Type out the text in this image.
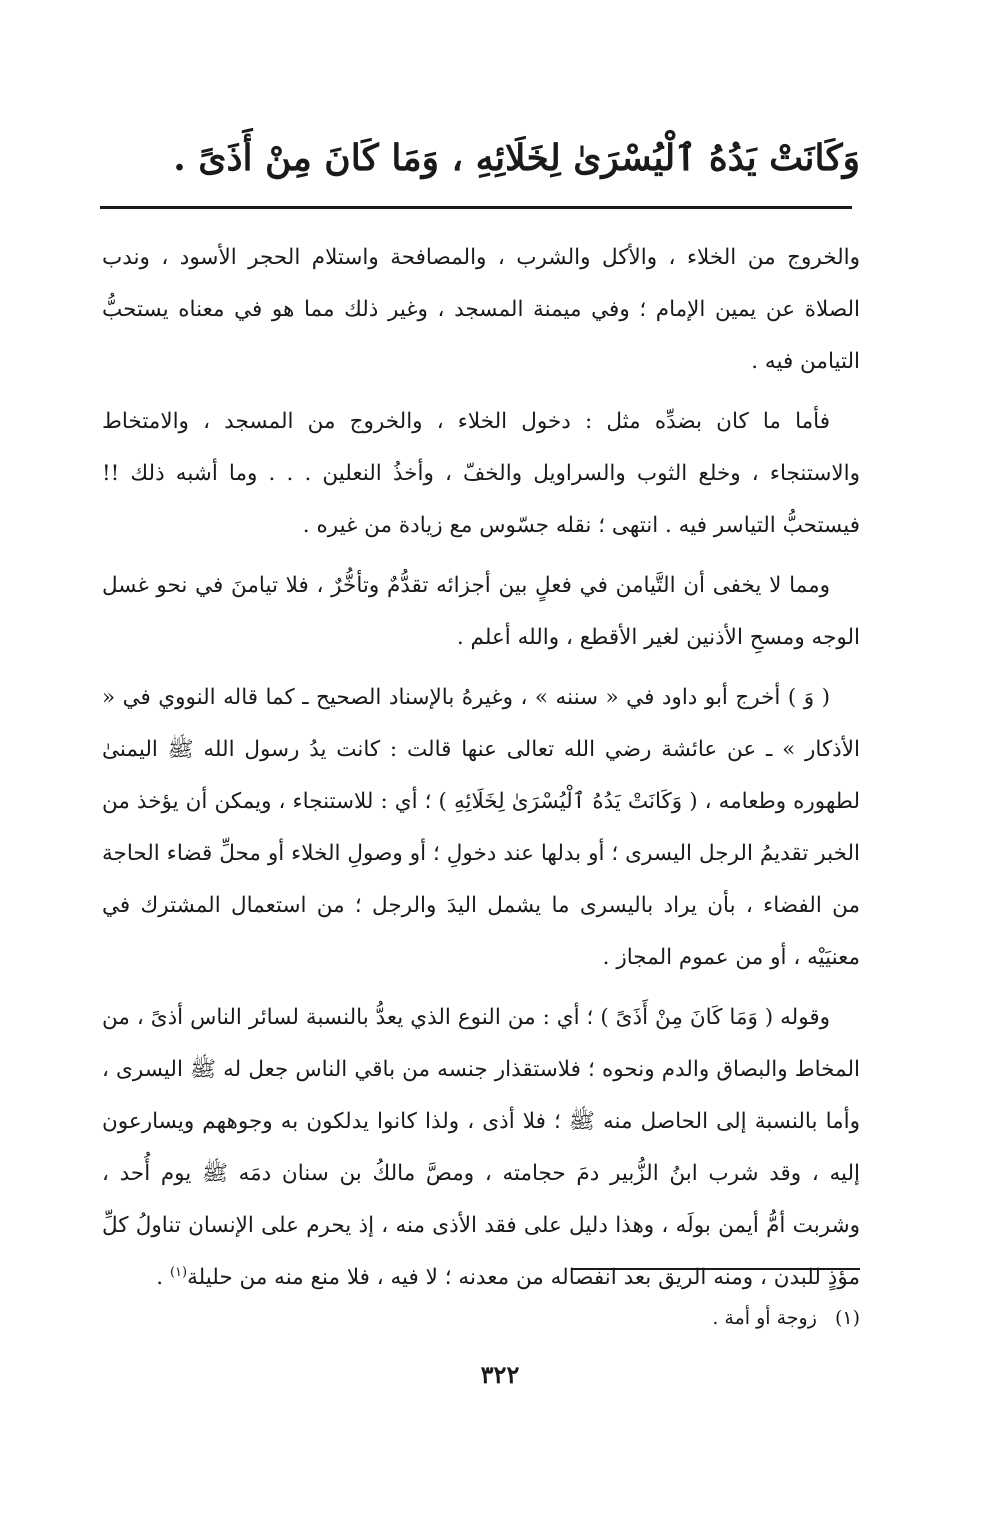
وَكَانَتْ يَدُهُ ٱلْيُسْرَىٰ لِخَلَائِهِ ، وَمَا كَانَ مِنْ أَذَىً .

والخروج من الخلاء ، والأكل والشرب ، والمصافحة واستلام الحجر الأسود ، وندب الصلاة عن يمين الإمام ؛ وفي ميمنة المسجد ، وغير ذلك مما هو في معناه يستحبُّ التيامن فيه .

فأما ما كان بضدِّه مثل : دخول الخلاء ، والخروج من المسجد ، والامتخاط والاستنجاء ، وخلع الثوب والسراويل والخفّ ، وأخذُ النعلين . . . وما أشبه ذلك !! فيستحبُّ التياسر فيه . انتهى ؛ نقله جسّوس مع زيادة من غيره .

ومما لا يخفى أن التَّيامن في فعلٍ بين أجزائه تقدُّمٌ وتأخُّرٌ ، فلا تيامنَ في نحو غسل الوجه ومسحِ الأذنين لغير الأقطع ، والله أعلم .

( وَ ) أخرج أبو داود في « سننه » ، وغيرهُ بالإسناد الصحيح ـ كما قاله النووي في « الأذكار » ـ عن عائشة رضي الله تعالى عنها قالت : كانت يدُ رسول الله ﷺ اليمنىٰ لطهوره وطعامه ، ( وَكَانَتْ يَدُهُ ٱلْيُسْرَىٰ لِخَلَائِهِ ) ؛ أي : للاستنجاء ، ويمكن أن يؤخذ من الخبر تقديمُ الرجل اليسرى ؛ أو بدلها عند دخولِ ؛ أو وصولِ الخلاء أو محلِّ قضاء الحاجة من الفضاء ، بأن يراد باليسرى ما يشمل اليدَ والرجل ؛ من استعمال المشترك في معنيَيْه ، أو من عموم المجاز .

وقوله ( وَمَا كَانَ مِنْ أَذَىً ) ؛ أي : من النوع الذي يعدُّ بالنسبة لسائر الناس أذىً ، من المخاط والبصاق والدم ونحوه ؛ فلاستقذار جنسه من باقي الناس جعل له ﷺ اليسرى ، وأما بالنسبة إلى الحاصل منه ﷺ ؛ فلا أذى ، ولذا كانوا يدلكون به وجوههم ويسارعون إليه ، وقد شرب ابنُ الزُّبير دمَ حجامته ، ومصَّ مالكُ بن سنان دمَه ﷺ يوم أُحد ، وشربت أمُّ أيمن بولَه ، وهذا دليل على فقد الأذى منه ، إذ يحرم على الإنسان تناولُ كلِّ مؤذٍ للبدن ، ومنه الريق بعد انفصاله من معدنه ؛ لا فيه ، فلا منع منه من حليلة$^{(١)}$ .

(١) زوجة أو أمة .
٣٢٢
